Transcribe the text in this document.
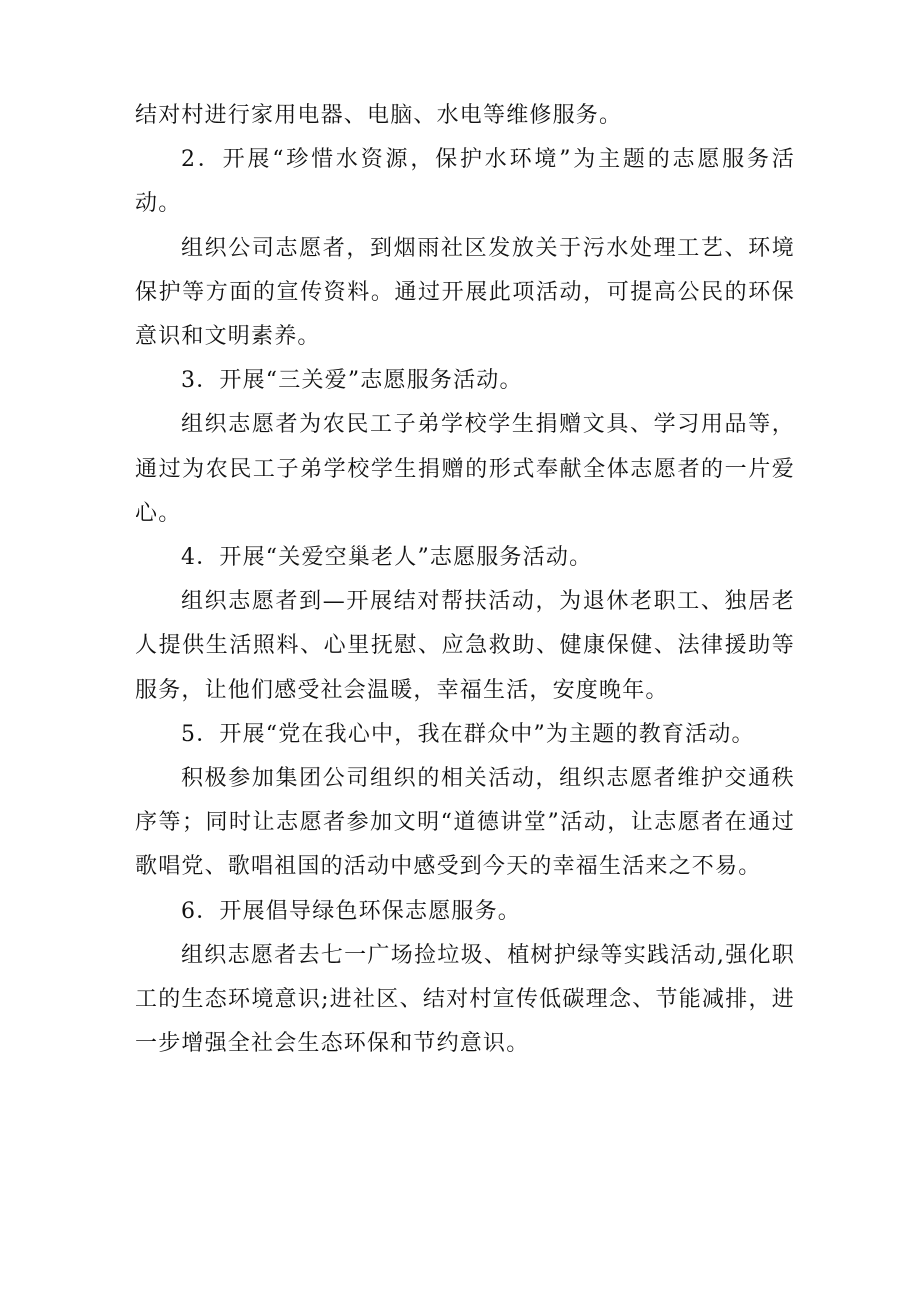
结对村进行家用电器、电脑、水电等维修服务。

2．开展“珍惜水资源，保护水环境”为主题的志愿服务活动。

组织公司志愿者，到烟雨社区发放关于污水处理工艺、环境保护等方面的宣传资料。通过开展此项活动，可提高公民的环保意识和文明素养。

3．开展“三关爱”志愿服务活动。

组织志愿者为农民工子弟学校学生捐赠文具、学习用品等，通过为农民工子弟学校学生捐赠的形式奉献全体志愿者的一片爱心。

4．开展“关爱空巢老人”志愿服务活动。

组织志愿者到—开展结对帮扶活动，为退休老职工、独居老人提供生活照料、心里抚慰、应急救助、健康保健、法律援助等服务，让他们感受社会温暖，幸福生活，安度晚年。

5．开展“党在我心中，我在群众中”为主题的教育活动。

积极参加集团公司组织的相关活动，组织志愿者维护交通秩序等；同时让志愿者参加文明“道德讲堂”活动，让志愿者在通过歌唱党、歌唱祖国的活动中感受到今天的幸福生活来之不易。

6．开展倡导绿色环保志愿服务。

组织志愿者去七一广场捡垃圾、植树护绿等实践活动,强化职工的生态环境意识;进社区、结对村宣传低碳理念、节能减排，进一步增强全社会生态环保和节约意识。
